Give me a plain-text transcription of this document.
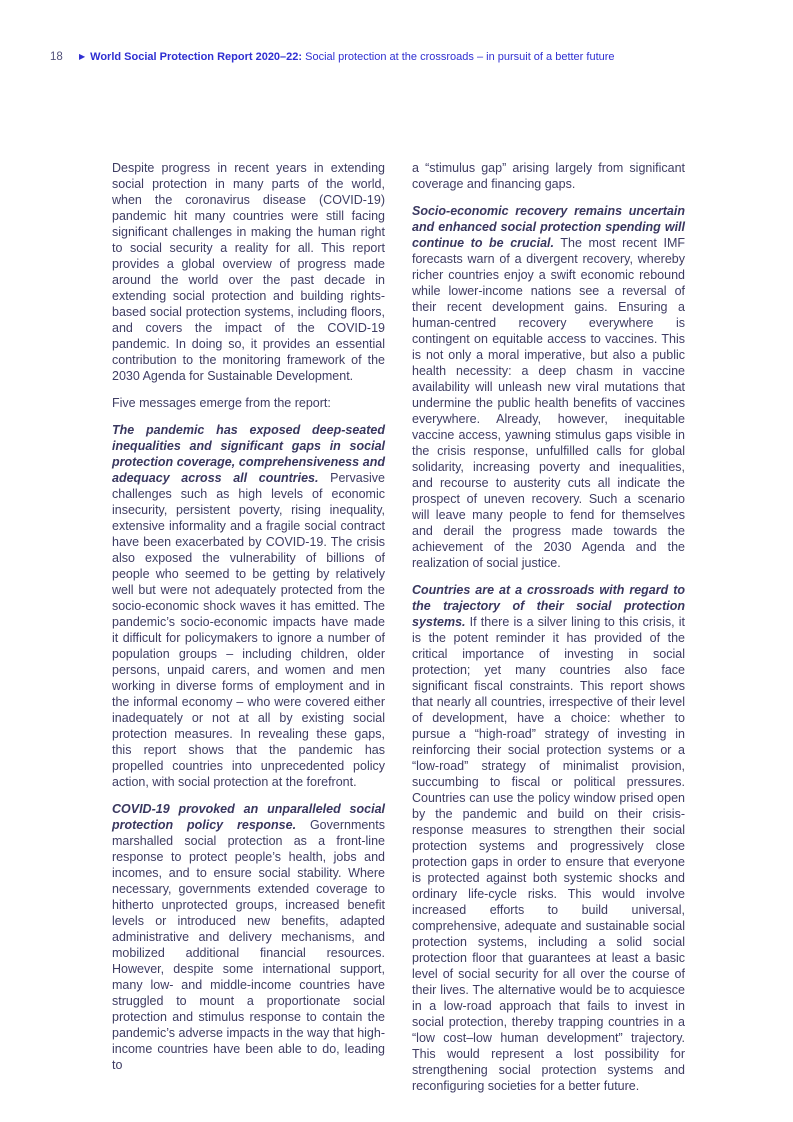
18	▶ World Social Protection Report 2020–22: Social protection at the crossroads – in pursuit of a better future

Despite progress in recent years in extending social protection in many parts of the world, when the coronavirus disease (COVID-19) pandemic hit many countries were still facing significant challenges in making the human right to social security a reality for all. This report provides a global overview of progress made around the world over the past decade in extending social protection and building rights-based social protection systems, including floors, and covers the impact of the COVID-19 pandemic. In doing so, it provides an essential contribution to the monitoring framework of the 2030 Agenda for Sustainable Development.

Five messages emerge from the report:

The pandemic has exposed deep-seated inequalities and significant gaps in social protection coverage, comprehensiveness and adequacy across all countries. Pervasive challenges such as high levels of economic insecurity, persistent poverty, rising inequality, extensive informality and a fragile social contract have been exacerbated by COVID-19. The crisis also exposed the vulnerability of billions of people who seemed to be getting by relatively well but were not adequately protected from the socio-economic shock waves it has emitted. The pandemic’s socio-economic impacts have made it difficult for policymakers to ignore a number of population groups – including children, older persons, unpaid carers, and women and men working in diverse forms of employment and in the informal economy – who were covered either inadequately or not at all by existing social protection measures. In revealing these gaps, this report shows that the pandemic has propelled countries into unprecedented policy action, with social protection at the forefront.

COVID-19 provoked an unparalleled social protection policy response. Governments marshalled social protection as a front-line response to protect people’s health, jobs and incomes, and to ensure social stability. Where necessary, governments extended coverage to hitherto unprotected groups, increased benefit levels or introduced new benefits, adapted administrative and delivery mechanisms, and mobilized additional financial resources. However, despite some international support, many low- and middle-income countries have struggled to mount a proportionate social protection and stimulus response to contain the pandemic’s adverse impacts in the way that high-income countries have been able to do, leading to

a “stimulus gap” arising largely from significant coverage and financing gaps.

Socio-economic recovery remains uncertain and enhanced social protection spending will continue to be crucial. The most recent IMF forecasts warn of a divergent recovery, whereby richer countries enjoy a swift economic rebound while lower-income nations see a reversal of their recent development gains. Ensuring a human-centred recovery everywhere is contingent on equitable access to vaccines. This is not only a moral imperative, but also a public health necessity: a deep chasm in vaccine availability will unleash new viral mutations that undermine the public health benefits of vaccines everywhere. Already, however, inequitable vaccine access, yawning stimulus gaps visible in the crisis response, unfulfilled calls for global solidarity, increasing poverty and inequalities, and recourse to austerity cuts all indicate the prospect of uneven recovery. Such a scenario will leave many people to fend for themselves and derail the progress made towards the achievement of the 2030 Agenda and the realization of social justice.

Countries are at a crossroads with regard to the trajectory of their social protection systems. If there is a silver lining to this crisis, it is the potent reminder it has provided of the critical importance of investing in social protection; yet many countries also face significant fiscal constraints. This report shows that nearly all countries, irrespective of their level of development, have a choice: whether to pursue a “high-road” strategy of investing in reinforcing their social protection systems or a “low-road” strategy of minimalist provision, succumbing to fiscal or political pressures. Countries can use the policy window prised open by the pandemic and build on their crisis-response measures to strengthen their social protection systems and progressively close protection gaps in order to ensure that everyone is protected against both systemic shocks and ordinary life-cycle risks. This would involve increased efforts to build universal, comprehensive, adequate and sustainable social protection systems, including a solid social protection floor that guarantees at least a basic level of social security for all over the course of their lives. The alternative would be to acquiesce in a low-road approach that fails to invest in social protection, thereby trapping countries in a “low cost–low human development” trajectory. This would represent a lost possibility for strengthening social protection systems and reconfiguring societies for a better future.
